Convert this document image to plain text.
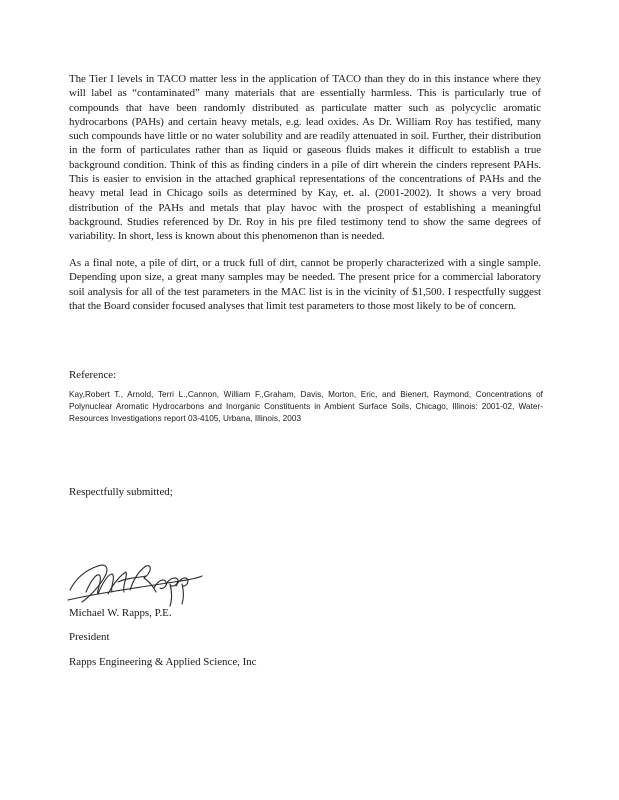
The Tier I levels in TACO matter less in the application of TACO than they do in this instance where they will label as “contaminated” many materials that are essentially harmless. This is particularly true of compounds that have been randomly distributed as particulate matter such as polycyclic aromatic hydrocarbons (PAHs) and certain heavy metals, e.g. lead oxides. As Dr. William Roy has testified, many such compounds have little or no water solubility and are readily attenuated in soil. Further, their distribution in the form of particulates rather than as liquid or gaseous fluids makes it difficult to establish a true background condition. Think of this as finding cinders in a pile of dirt wherein the cinders represent PAHs. This is easier to envision in the attached graphical representations of the concentrations of PAHs and the heavy metal lead in Chicago soils as determined by Kay, et. al. (2001-2002). It shows a very broad distribution of the PAHs and metals that play havoc with the prospect of establishing a meaningful background. Studies referenced by Dr. Roy in his pre filed testimony tend to show the same degrees of variability. In short, less is known about this phenomenon than is needed.

As a final note, a pile of dirt, or a truck full of dirt, cannot be properly characterized with a single sample. Depending upon size, a great many samples may be needed. The present price for a commercial laboratory soil analysis for all of the test parameters in the MAC list is in the vicinity of $1,500. I respectfully suggest that the Board consider focused analyses that limit test parameters to those most likely to be of concern.

Reference:

Kay,Robert T., Arnold, Terri L.,Cannon, William F.,Graham, Davis, Morton, Eric, and Bienert, Raymond, Concentrations of Polynuclear Aromatic Hydrocarbons and Inorganic Constituents in Ambient Surface Soils, Chicago, Illinois: 2001-02, Water-Resources Investigations report 03-4105, Urbana, Illinois, 2003

Respectfully submitted;

Michael W. Rapps, P.E.

President

Rapps Engineering & Applied Science, Inc
